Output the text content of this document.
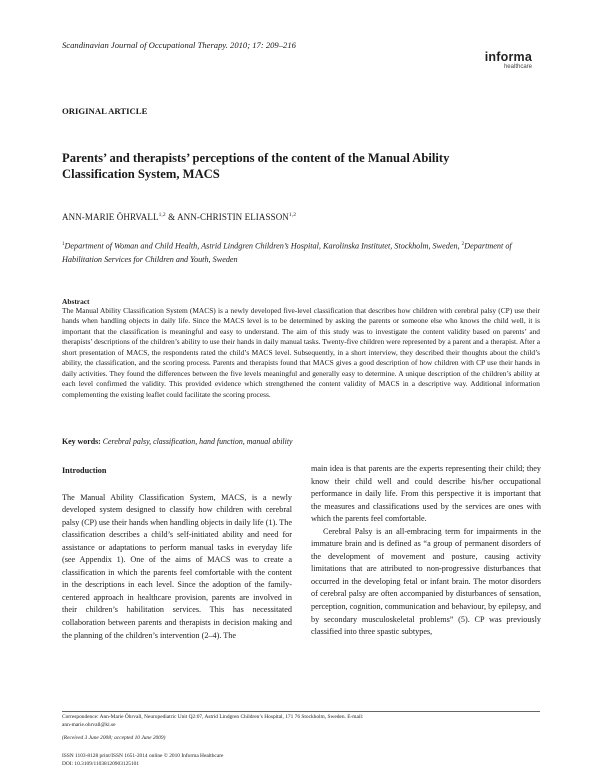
Scandinavian Journal of Occupational Therapy. 2010; 17: 209–216
informa
healthcare
ORIGINAL ARTICLE
Parents’ and therapists’ perceptions of the content of the Manual Ability
Classification System, MACS
ANN-MARIE ÖHRVALL$^{1,2}$ & ANN-CHRISTIN ELIASSON$^{1,2}$
$^1$Department of Woman and Child Health, Astrid Lindgren Children’s Hospital, Karolinska Institutet, Stockholm, Sweden, $^2$Department of Habilitation Services for Children and Youth, Sweden
Abstract
The Manual Ability Classification System (MACS) is a newly developed five-level classification that describes how children with cerebral palsy (CP) use their hands when handling objects in daily life. Since the MACS level is to be determined by asking the parents or someone else who knows the child well, it is important that the classification is meaningful and easy to understand. The aim of this study was to investigate the content validity based on parents’ and therapists’ descriptions of the children’s ability to use their hands in daily manual tasks. Twenty-five children were represented by a parent and a therapist. After a short presentation of MACS, the respondents rated the child’s MACS level. Subsequently, in a short interview, they described their thoughts about the child’s ability, the classification, and the scoring process. Parents and therapists found that MACS gives a good description of how children with CP use their hands in daily activities. They found the differences between the five levels meaningful and generally easy to determine. A unique description of the children’s ability at each level confirmed the validity. This provided evidence which strengthened the content validity of MACS in a descriptive way. Additional information complementing the existing leaflet could facilitate the scoring process.
Key words: Cerebral palsy, classification, hand function, manual ability
Introduction

The Manual Ability Classification System, MACS, is a newly developed system designed to classify how children with cerebral palsy (CP) use their hands when handling objects in daily life (1). The classification describes a child’s self-initiated ability and need for assistance or adaptations to perform manual tasks in everyday life (see Appendix 1). One of the aims of MACS was to create a classification in which the parents feel comfortable with the content in the descriptions in each level. Since the adoption of the family-centered approach in healthcare provision, parents are involved in their children’s habilitation services. This has necessitated collaboration between parents and therapists in decision making and the planning of the children’s intervention (2–4). The

main idea is that parents are the experts representing their child; they know their child well and could describe his/her occupational performance in daily life. From this perspective it is important that the measures and classifications used by the services are ones with which the parents feel comfortable.

Cerebral Palsy is an all-embracing term for impairments in the immature brain and is defined as “a group of permanent disorders of the development of movement and posture, causing activity limitations that are attributed to non-progressive disturbances that occurred in the developing fetal or infant brain. The motor disorders of cerebral palsy are often accompanied by disturbances of sensation, perception, cognition, communication and behaviour, by epilepsy, and by secondary musculoskeletal problems” (5). CP was previously classified into three spastic subtypes,

Correspondence: Ann-Marie Öhrvall, Neuropediatric Unit Q2:07, Astrid Lindgren Children’s Hospital, 171 76 Stockholm, Sweden. E-mail:
ann-marie.ohrvall@ki.se
(Received 3 June 2008; accepted 10 June 2009)
ISSN 1103-8128 print/ISSN 1651-2014 online © 2010 Informa Healthcare
DOI: 10.3109/11038120903125101
